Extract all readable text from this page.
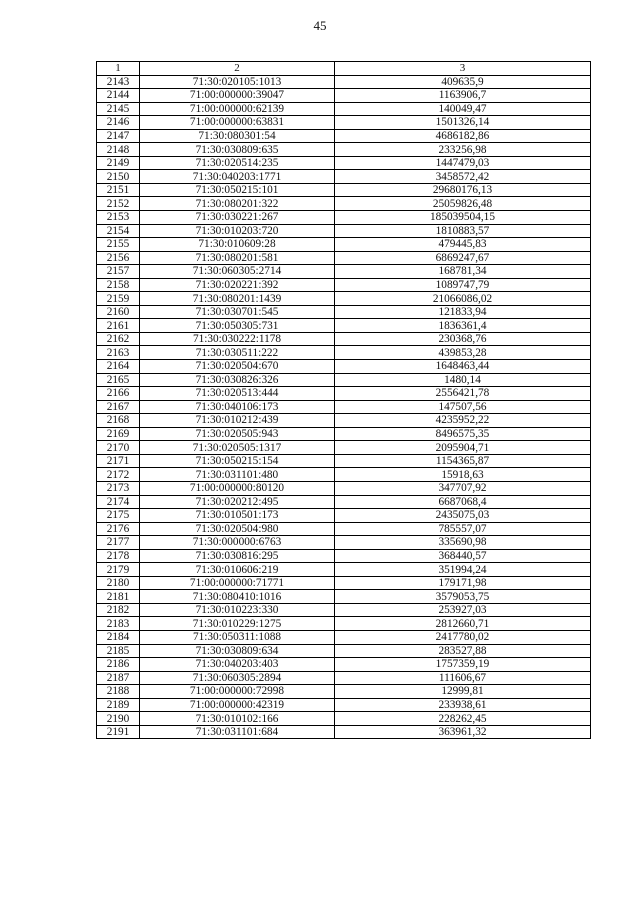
45
1	2	3
2143	71:30:020105:1013	409635,9
2144	71:00:000000:39047	1163906,7
2145	71:00:000000:62139	140049,47
2146	71:00:000000:63831	1501326,14
2147	71:30:080301:54	4686182,86
2148	71:30:030809:635	233256,98
2149	71:30:020514:235	1447479,03
2150	71:30:040203:1771	3458572,42
2151	71:30:050215:101	29680176,13
2152	71:30:080201:322	25059826,48
2153	71:30:030221:267	185039504,15
2154	71:30:010203:720	1810883,57
2155	71:30:010609:28	479445,83
2156	71:30:080201:581	6869247,67
2157	71:30:060305:2714	168781,34
2158	71:30:020221:392	1089747,79
2159	71:30:080201:1439	21066086,02
2160	71:30:030701:545	121833,94
2161	71:30:050305:731	1836361,4
2162	71:30:030222:1178	230368,76
2163	71:30:030511:222	439853,28
2164	71:30:020504:670	1648463,44
2165	71:30:030826:326	1480,14
2166	71:30:020513:444	2556421,78
2167	71:30:040106:173	147507,56
2168	71:30:010212:439	4235952,22
2169	71:30:020505:943	8496575,35
2170	71:30:020505:1317	2095904,71
2171	71:30:050215:154	1154365,87
2172	71:30:031101:480	15918,63
2173	71:00:000000:80120	347707,92
2174	71:30:020212:495	6687068,4
2175	71:30:010501:173	2435075,03
2176	71:30:020504:980	785557,07
2177	71:30:000000:6763	335690,98
2178	71:30:030816:295	368440,57
2179	71:30:010606:219	351994,24
2180	71:00:000000:71771	179171,98
2181	71:30:080410:1016	3579053,75
2182	71:30:010223:330	253927,03
2183	71:30:010229:1275	2812660,71
2184	71:30:050311:1088	2417780,02
2185	71:30:030809:634	283527,88
2186	71:30:040203:403	1757359,19
2187	71:30:060305:2894	111606,67
2188	71:00:000000:72998	12999,81
2189	71:00:000000:42319	233938,61
2190	71:30:010102:166	228262,45
2191	71:30:031101:684	363961,32
